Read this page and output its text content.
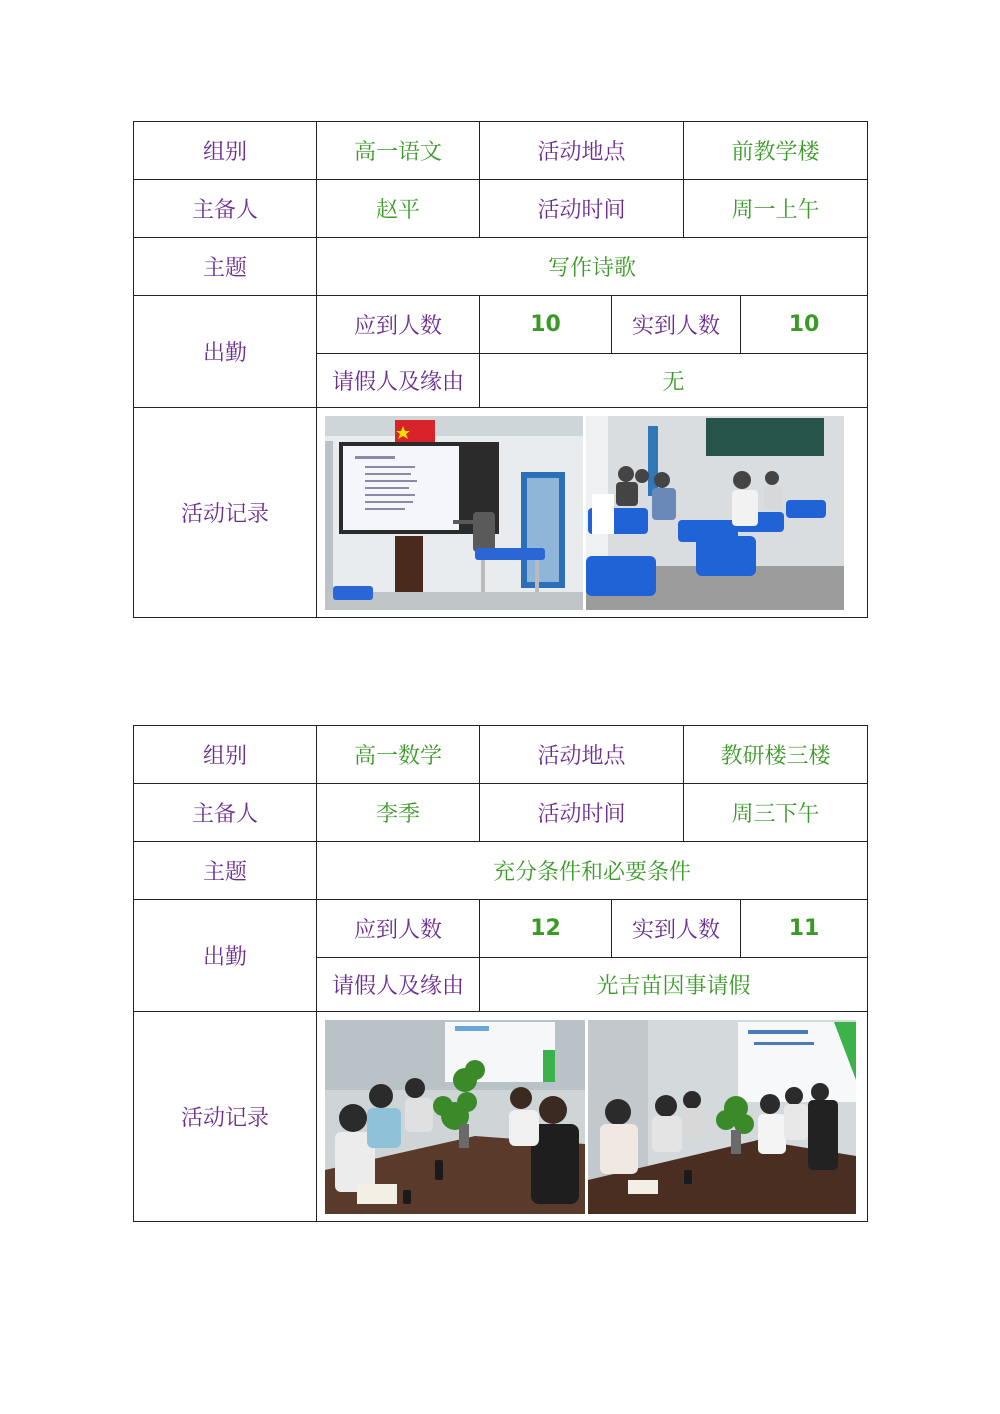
组别	高一语文	活动地点		前教学楼	
主备人	赵平	活动时间		周一上午	
主题	写作诗歌				
出勤	应到人数	10	实到人数		10
	请假人及缘由	无			
活动记录	
组别	高一数学	活动地点		教研楼三楼	
主备人	李季	活动时间		周三下午	
主题	充分条件和必要条件				
出勤	应到人数	12	实到人数		11
	请假人及缘由	光吉苗因事请假			
活动记录	
